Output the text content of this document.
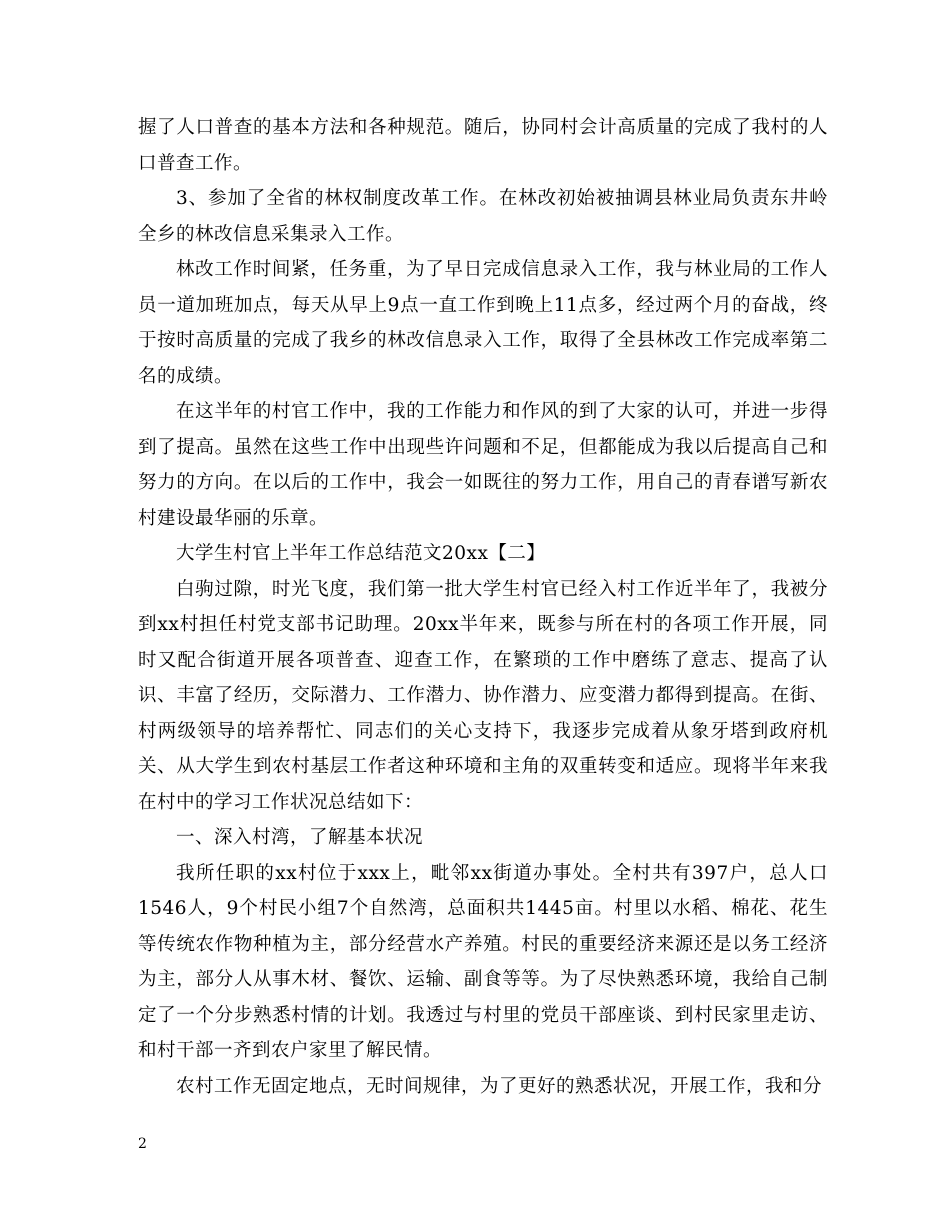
握了人口普查的基本方法和各种规范。随后，协同村会计高质量的完成了我村的人口普查工作。

3、参加了全省的林权制度改革工作。在林改初始被抽调县林业局负责东井岭全乡的林改信息采集录入工作。

林改工作时间紧，任务重，为了早日完成信息录入工作，我与林业局的工作人员一道加班加点，每天从早上9点一直工作到晚上11点多，经过两个月的奋战，终于按时高质量的完成了我乡的林改信息录入工作，取得了全县林改工作完成率第二名的成绩。

在这半年的村官工作中，我的工作能力和作风的到了大家的认可，并进一步得到了提高。虽然在这些工作中出现些许问题和不足，但都能成为我以后提高自己和努力的方向。在以后的工作中，我会一如既往的努力工作，用自己的青春谱写新农村建设最华丽的乐章。

大学生村官上半年工作总结范文20xx【二】

白驹过隙，时光飞度，我们第一批大学生村官已经入村工作近半年了，我被分到xx村担任村党支部书记助理。20xx半年来，既参与所在村的各项工作开展，同时又配合街道开展各项普查、迎查工作，在繁琐的工作中磨练了意志、提高了认识、丰富了经历，交际潜力、工作潜力、协作潜力、应变潜力都得到提高。在街、村两级领导的培养帮忙、同志们的关心支持下，我逐步完成着从象牙塔到政府机关、从大学生到农村基层工作者这种环境和主角的双重转变和适应。现将半年来我在村中的学习工作状况总结如下：

一、深入村湾，了解基本状况

我所任职的xx村位于xxx上，毗邻xx街道办事处。全村共有397户，总人口1546人，9个村民小组7个自然湾，总面积共1445亩。村里以水稻、棉花、花生等传统农作物种植为主，部分经营水产养殖。村民的重要经济来源还是以务工经济为主，部分人从事木材、餐饮、运输、副食等等。为了尽快熟悉环境，我给自己制定了一个分步熟悉村情的计划。我透过与村里的党员干部座谈、到村民家里走访、和村干部一齐到农户家里了解民情。

农村工作无固定地点，无时间规律，为了更好的熟悉状况，开展工作，我和分

2
